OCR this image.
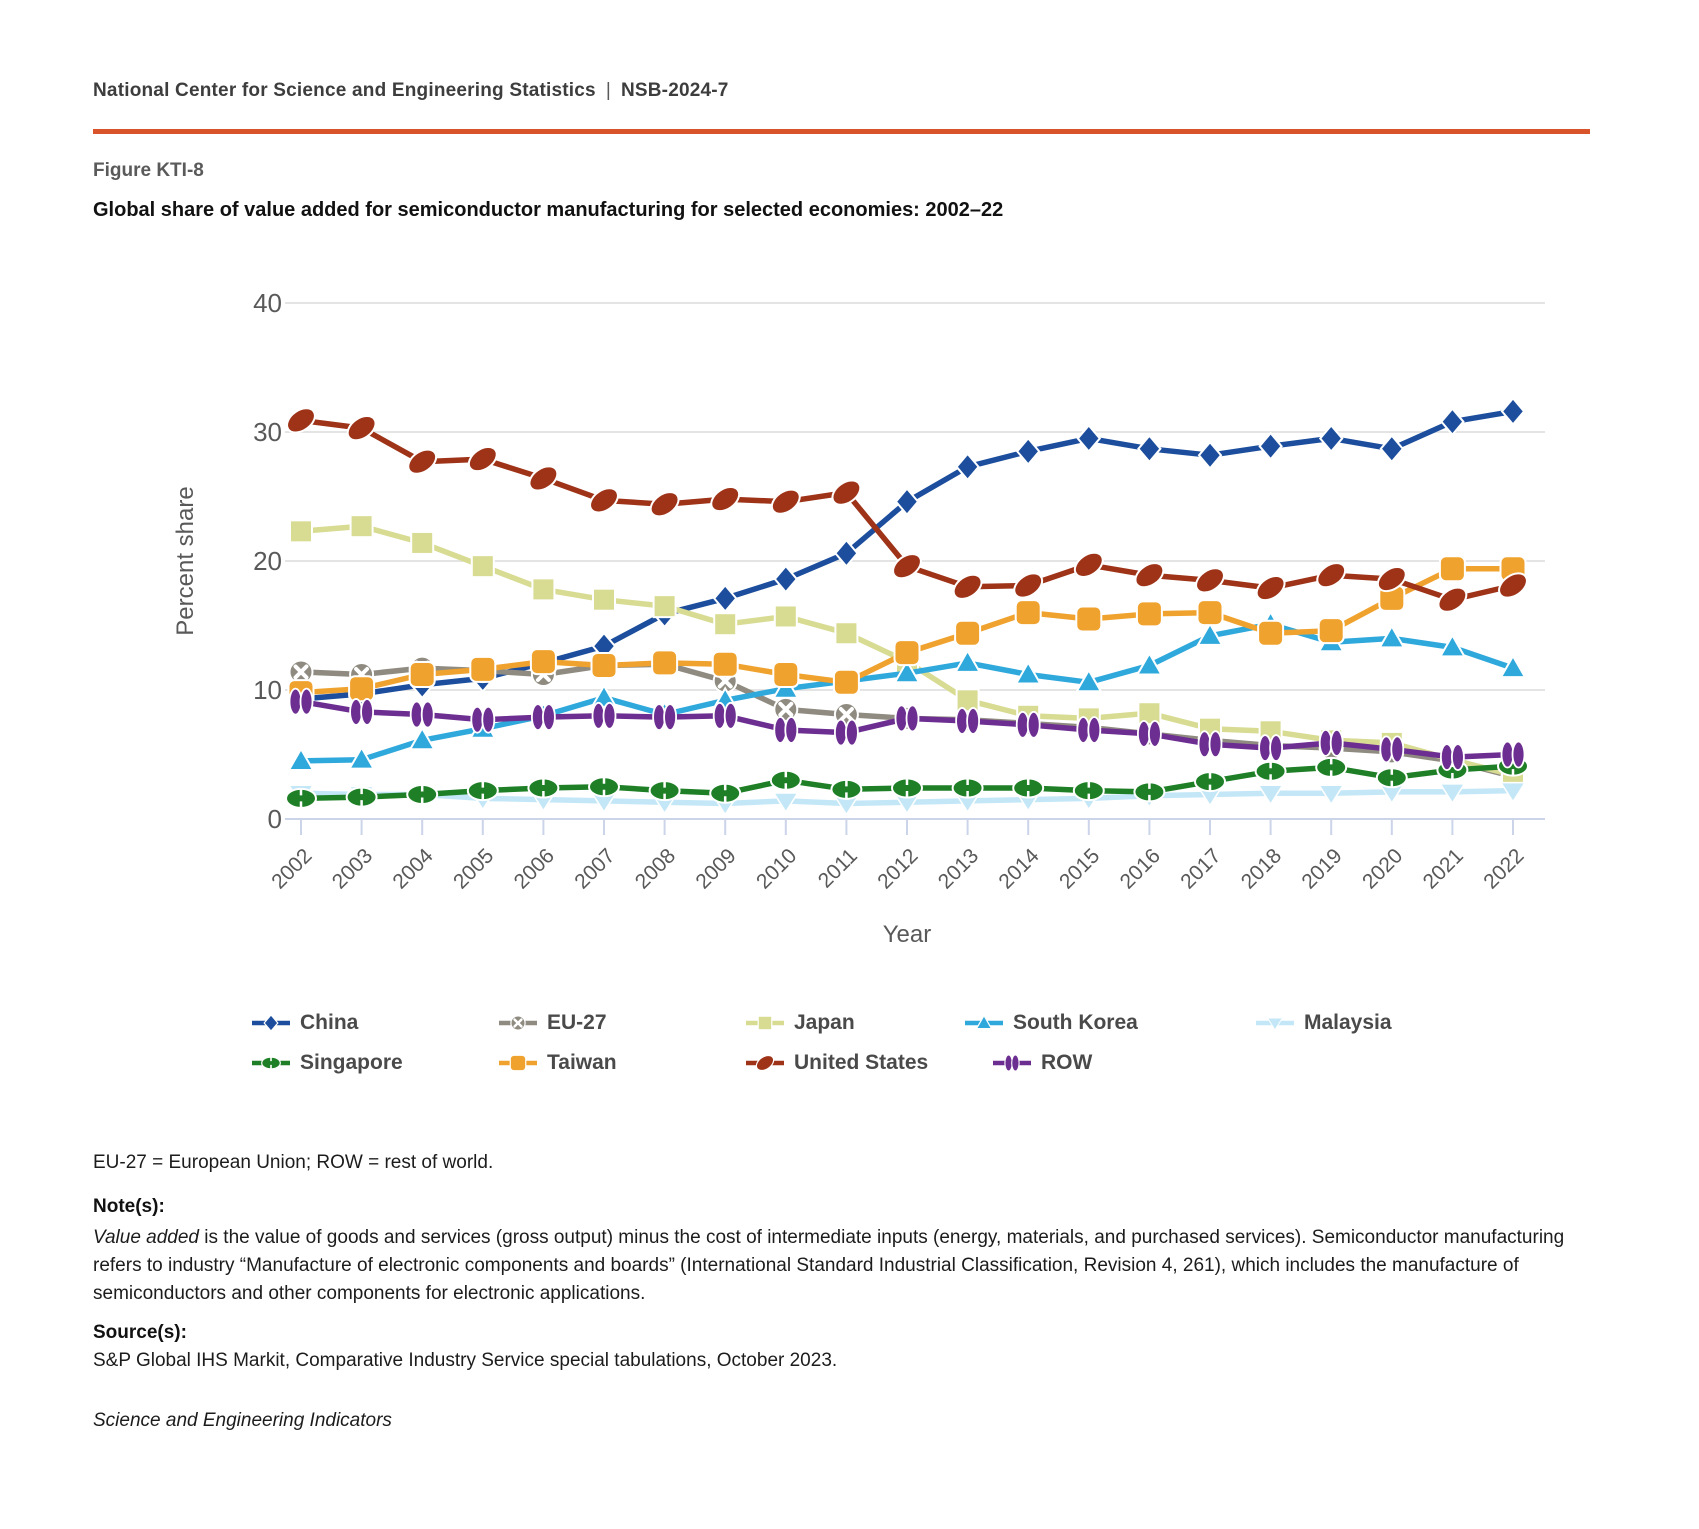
National Center for Science and Engineering Statistics | NSB-2024-7
Figure KTI-8
Global share of value added for semiconductor manufacturing for selected economies: 2002–22
0
10
20
30
40
2002 2003 2004 2005 2006 2007 2008 2009 2010 2011 2012 2013 2014 2015 2016 2017 2018 2019 2020 2021 2022
Percent share
Year
China	EU-27	Japan	South Korea	Malaysia
Singapore	Taiwan	United States	ROW
EU-27 = European Union; ROW = rest of world.
Note(s):
Value added is the value of goods and services (gross output) minus the cost of intermediate inputs (energy, materials, and purchased services). Semiconductor manufacturing refers to industry “Manufacture of electronic components and boards” (International Standard Industrial Classification, Revision 4, 261), which includes the manufacture of semiconductors and other components for electronic applications.
Source(s):
S&P Global IHS Markit, Comparative Industry Service special tabulations, October 2023.
Science and Engineering Indicators
